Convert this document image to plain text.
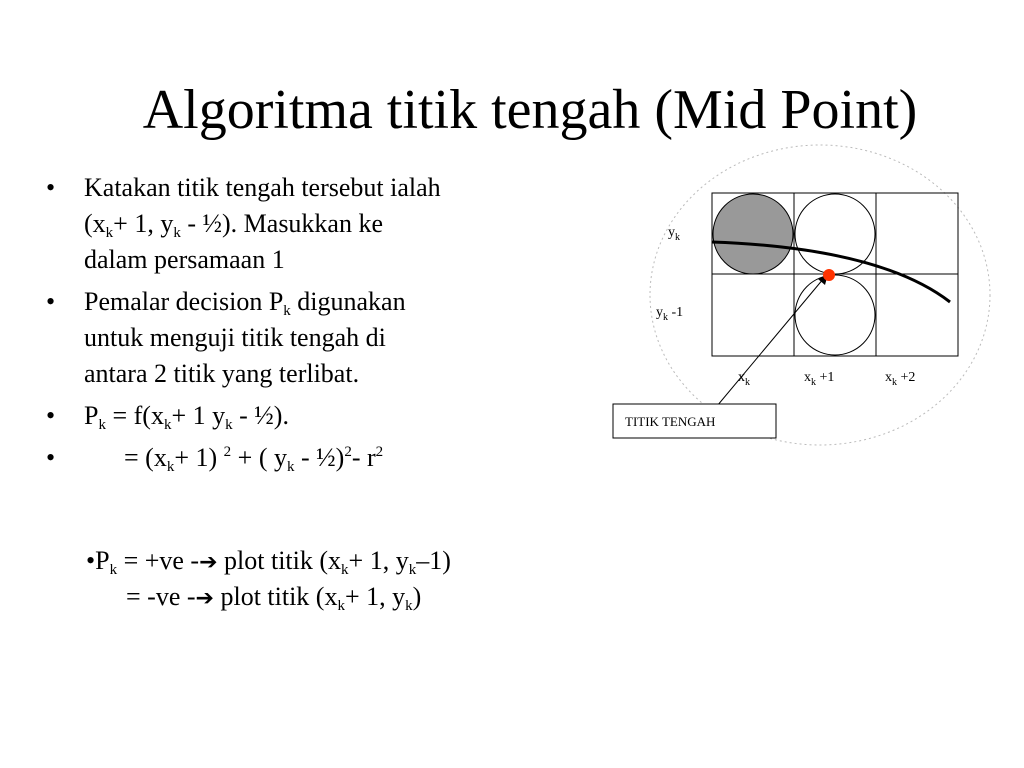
Algoritma titik tengah (Mid Point)
• Katakan titik tengah tersebut ialah
($x_k+ 1$, $y_k$ - ½). Masukkan ke
dalam persamaan 1
• Pemalar decision $P_k$ digunakan
untuk menguji titik tengah di
antara 2 titik yang terlibat.
• $P_k = f(x_k+ 1$ $y_k$ - ½).
•	= $(x_k+ 1) ^2$ + ( $y_k$ - ½)$^2$- $r^2$
$•P_k = +ve$ -➔ plot titik ($x_k+ 1$, $y_k-1$)
= -ve -➔ plot titik ($x_k+ 1$, $y_k$)
$y_k$
$y_k$ -1
$x_k$	$x_k +1$	$x_k +2$
TITIK TENGAH
